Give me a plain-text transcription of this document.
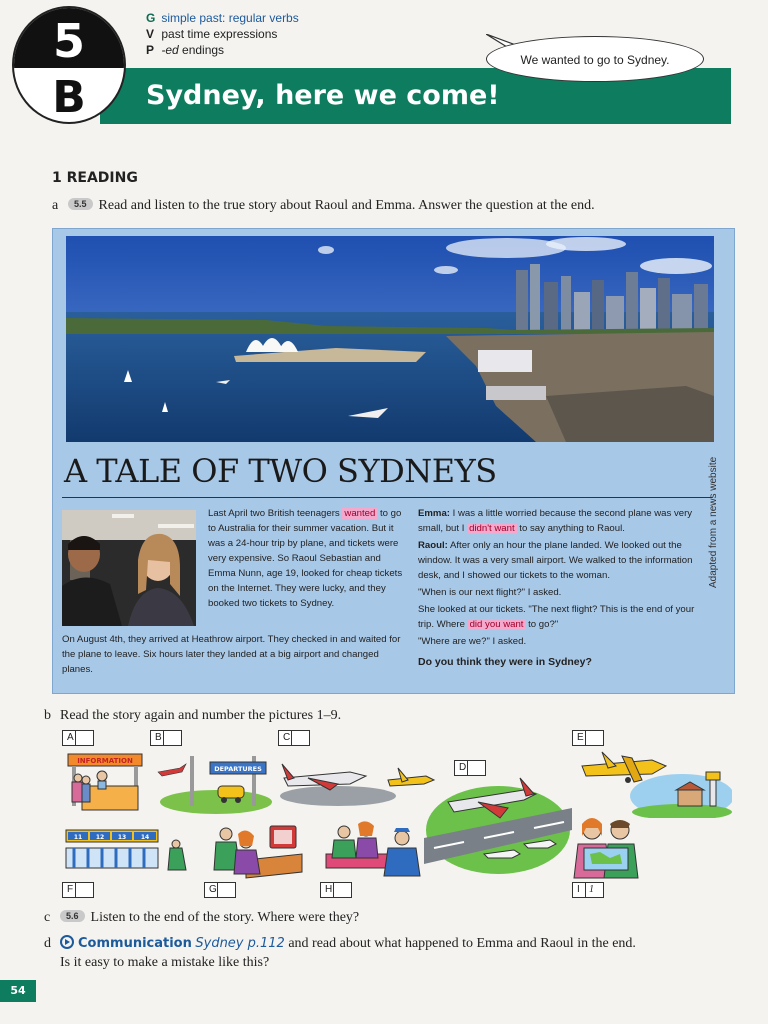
5
B
G simple past: regular verbs
V past time expressions
P -ed endings
We wanted to go to Sydney.
Sydney, here we come!
1 READING
a 5.5 Read and listen to the true story about Raoul and Emma. Answer the question at the end.
A TALE OF TWO SYDNEYS
Last April two British teenagers wanted to go to Australia for their summer vacation. But it was a 24-hour trip by plane, and tickets were very expensive. So Raoul Sebastian and Emma Nunn, age 19, looked for cheap tickets on the Internet. They were lucky, and they booked two tickets to Sydney.
On August 4th, they arrived at Heathrow airport. They checked in and waited for the plane to leave. Six hours later they landed at a big airport and changed planes.

Emma: I was a little worried because the second plane was very small, but I didn't want to say anything to Raoul.

Raoul: After only an hour the plane landed. We looked out the window. It was a very small airport. We walked to the information desk, and I showed our tickets to the woman.

"When is our next flight?" I asked.

She looked at our tickets. "The next flight? This is the end of your trip. Where did you want to go?"

"Where are we?" I asked.

Do you think they were in Sydney?

Adapted from a news website
b Read the story again and number the pictures 1–9.
A	B	C
D
E
F	G	H	I 1
INFORMATION
DEPARTURES
11 12 13 14
c 5.6 Listen to the end of the story. Where were they?
d Communication Sydney p.112 and read about what happened to Emma and Raoul in the end.
Is it easy to make a mistake like this?
54
